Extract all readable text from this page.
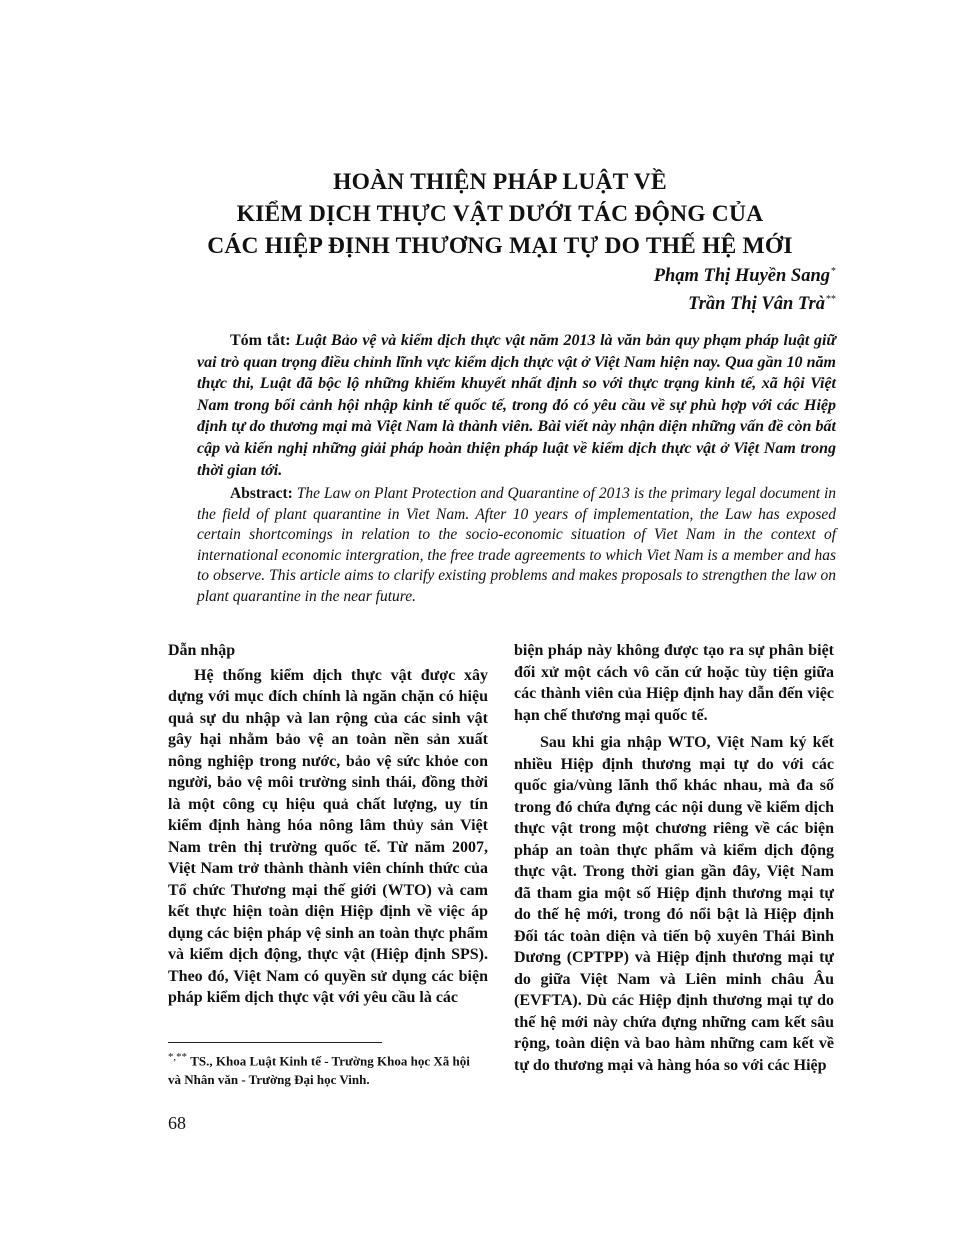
HOÀN THIỆN PHÁP LUẬT VỀ
KIỂM DỊCH THỰC VẬT DƯỚI TÁC ĐỘNG CỦA
CÁC HIỆP ĐỊNH THƯƠNG MẠI TỰ DO THẾ HỆ MỚI
Phạm Thị Huyền Sang*
Trần Thị Vân Trà**
Tóm tắt: Luật Bảo vệ và kiểm dịch thực vật năm 2013 là văn bản quy phạm pháp luật giữ vai trò quan trọng điều chỉnh lĩnh vực kiểm dịch thực vật ở Việt Nam hiện nay. Qua gần 10 năm thực thi, Luật đã bộc lộ những khiếm khuyết nhất định so với thực trạng kinh tế, xã hội Việt Nam trong bối cảnh hội nhập kinh tế quốc tế, trong đó có yêu cầu về sự phù hợp với các Hiệp định tự do thương mại mà Việt Nam là thành viên. Bài viết này nhận diện những vấn đề còn bất cập và kiến nghị những giải pháp hoàn thiện pháp luật về kiểm dịch thực vật ở Việt Nam trong thời gian tới.
Abstract: The Law on Plant Protection and Quarantine of 2013 is the primary legal document in the field of plant quarantine in Viet Nam. After 10 years of implementation, the Law has exposed certain shortcomings in relation to the socio-economic situation of Viet Nam in the context of international economic intergration, the free trade agreements to which Viet Nam is a member and has to observe. This article aims to clarify existing problems and makes proposals to strengthen the law on plant quarantine in the near future.
Dẫn nhập

Hệ thống kiểm dịch thực vật được xây dựng với mục đích chính là ngăn chặn có hiệu quả sự du nhập và lan rộng của các sinh vật gây hại nhằm bảo vệ an toàn nền sản xuất nông nghiệp trong nước, bảo vệ sức khỏe con người, bảo vệ môi trường sinh thái, đồng thời là một công cụ hiệu quả chất lượng, uy tín kiểm định hàng hóa nông lâm thủy sản Việt Nam trên thị trường quốc tế. Từ năm 2007, Việt Nam trở thành thành viên chính thức của Tổ chức Thương mại thế giới (WTO) và cam kết thực hiện toàn diện Hiệp định về việc áp dụng các biện pháp vệ sinh an toàn thực phẩm và kiểm dịch động, thực vật (Hiệp định SPS). Theo đó, Việt Nam có quyền sử dụng các biện pháp kiểm dịch thực vật với yêu cầu là các

biện pháp này không được tạo ra sự phân biệt đối xử một cách vô căn cứ hoặc tùy tiện giữa các thành viên của Hiệp định hay dẫn đến việc hạn chế thương mại quốc tế.

Sau khi gia nhập WTO, Việt Nam ký kết nhiều Hiệp định thương mại tự do với các quốc gia/vùng lãnh thổ khác nhau, mà đa số trong đó chứa đựng các nội dung về kiểm dịch thực vật trong một chương riêng về các biện pháp an toàn thực phẩm và kiểm dịch động thực vật. Trong thời gian gần đây, Việt Nam đã tham gia một số Hiệp định thương mại tự do thế hệ mới, trong đó nổi bật là Hiệp định Đối tác toàn diện và tiến bộ xuyên Thái Bình Dương (CPTPP) và Hiệp định thương mại tự do giữa Việt Nam và Liên minh châu Âu (EVFTA). Dù các Hiệp định thương mại tự do thế hệ mới này chứa đựng những cam kết sâu rộng, toàn diện và bao hàm những cam kết về tự do thương mại và hàng hóa so với các Hiệp

*,** TS., Khoa Luật Kinh tế - Trường Khoa học Xã hội và Nhân văn - Trường Đại học Vinh.
68
